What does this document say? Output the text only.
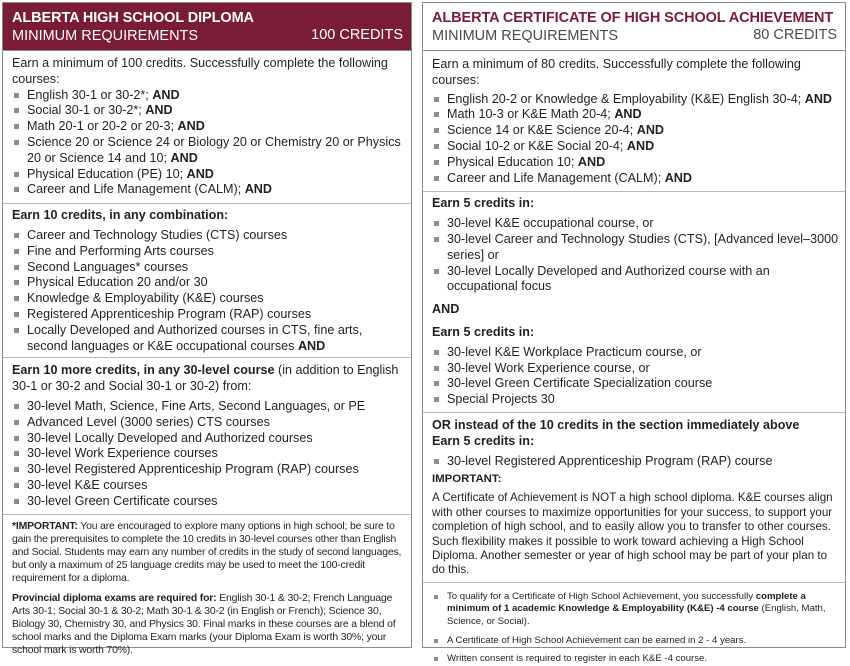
ALBERTA HIGH SCHOOL DIPLOMA
MINIMUM REQUIREMENTS	100 CREDITS
Earn a minimum of 100 credits. Successfully complete the following courses:
English 30-1 or 30-2*; AND
Social 30-1 or 30-2*; AND
Math 20-1 or 20-2 or 20-3; AND
Science 20 or Science 24 or Biology 20 or Chemistry 20 or Physics 20 or Science 14 and 10; AND
Physical Education (PE) 10; AND
Career and Life Management (CALM); AND
Earn 10 credits, in any combination:
Career and Technology Studies (CTS) courses
Fine and Performing Arts courses
Second Languages* courses
Physical Education 20 and/or 30
Knowledge & Employability (K&E) courses
Registered Apprenticeship Program (RAP) courses
Locally Developed and Authorized courses in CTS, fine arts, second languages or K&E occupational courses AND
Earn 10 more credits, in any 30-level course (in addition to English 30-1 or 30-2 and Social 30-1 or 30-2) from:
30-level Math, Science, Fine Arts, Second Languages, or PE
Advanced Level (3000 series) CTS courses
30-level Locally Developed and Authorized courses
30-level Work Experience courses
30-level Registered Apprenticeship Program (RAP) courses
30-level K&E courses
30-level Green Certificate courses
*IMPORTANT: You are encouraged to explore many options in high school; be sure to gain the prerequisites to complete the 10 credits in 30-level courses other than English and Social. Students may earn any number of credits in the study of second languages, but only a maximum of 25 language credits may be used to meet the 100-credit requirement for a diploma.
Provincial diploma exams are required for: English 30-1 & 30-2; French Language Arts 30-1; Social 30-1 & 30-2; Math 30-1 & 30-2 (in English or French); Science 30, Biology 30, Chemistry 30, and Physics 30. Final marks in these courses are a blend of school marks and the Diploma Exam marks (your Diploma Exam is worth 30%; your school mark is worth 70%).
ALBERTA CERTIFICATE OF HIGH SCHOOL ACHIEVEMENT
MINIMUM REQUIREMENTS	80 CREDITS
Earn a minimum of 80 credits. Successfully complete the following courses:
English 20-2 or Knowledge & Employability (K&E) English 30-4; AND
Math 10-3 or K&E Math 20-4; AND
Science 14 or K&E Science 20-4; AND
Social 10-2 or K&E Social 20-4; AND
Physical Education 10; AND
Career and Life Management (CALM); AND
Earn 5 credits in:
30-level K&E occupational course, or
30-level Career and Technology Studies (CTS), [Advanced level–3000 series] or
30-level Locally Developed and Authorized course with an occupational focus
AND
Earn 5 credits in:
30-level K&E Workplace Practicum course, or
30-level Work Experience course, or
30-level Green Certificate Specialization course
Special Projects 30
OR instead of the 10 credits in the section immediately above
Earn 5 credits in:
30-level Registered Apprenticeship Program (RAP) course
IMPORTANT:
A Certificate of Achievement is NOT a high school diploma. K&E courses align with other courses to maximize opportunities for your success, to support your completion of high school, and to easily allow you to transfer to other courses. Such flexibility makes it possible to work toward achieving a High School Diploma. Another semester or year of high school may be part of your plan to do this.
To qualify for a Certificate of High School Achievement, you successfully complete a minimum of 1 academic Knowledge & Employability (K&E) -4 course (English, Math, Science, or Social).
A Certificate of High School Achievement can be earned in 2 - 4 years.
Written consent is required to register in each K&E -4 course.
